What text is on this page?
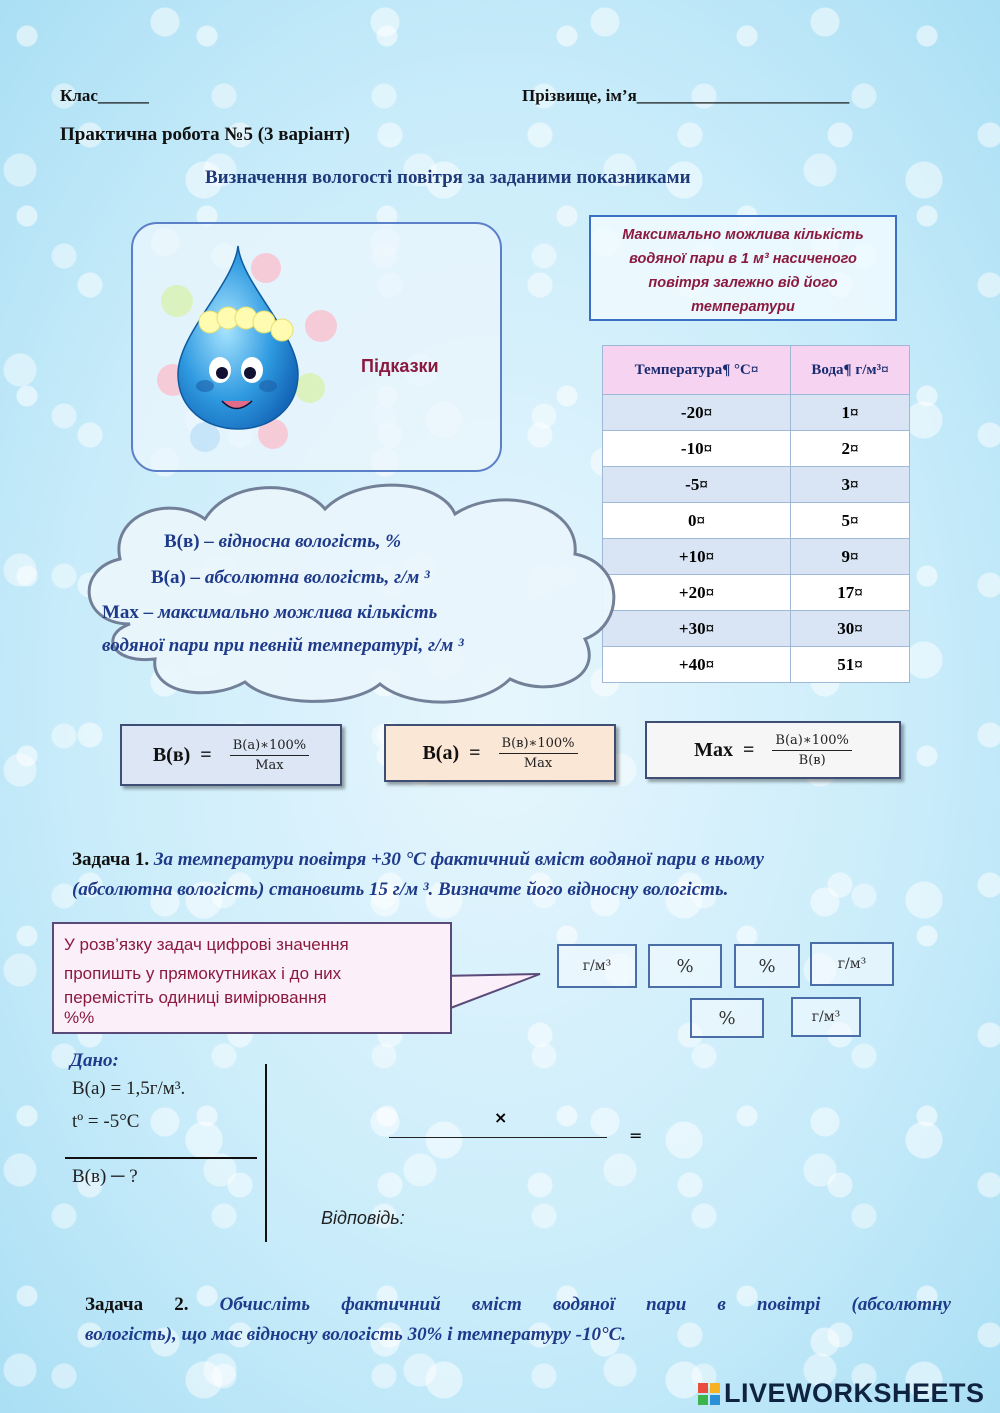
Клас______	Прізвище, ім’я_________________________
Практична робота №5 (3 варіант)
Визначення вологості повітря за заданими показниками
Підказки
Максимально можлива кількість
водяної пари в 1 м³ насиченого
повітря залежно від його
температури
Температура¶ °C¤	Вода¶ г/м³¤
-20¤	1¤
-10¤	2¤
-5¤	3¤
0¤	5¤
+10¤	9¤
+20¤	17¤
+30¤	30¤
+40¤	51¤
В(в) – відносна вологість, %
В(а) – абсолютна вологість, г/м ³
Max – максимально можлива кількість
водяної пари при певній температурі, г/м ³
$В(в) = \frac{В(а)∗100\%}{\text{Max}}$	$В(а) = \frac{В(в)∗100\%}{\text{Max}}$	Max = $\frac{В(а)∗100\%}{В(в)}$
Задача 1. За температури повітря +30 °С фактичний вміст водяної пари в ньому
(абсолютна вологість) становить 15 г/м ³. Визначте його відносну вологість.
У розв’язку задач цифрові значення
пропишть у прямокутниках і до них
перемістіть одиниці вимірювання
%%
г/м³	%	%	г/м³
%	г/м³
Дано:
В(а) = 1,5г/м³.
tº = -5°C
В(в) ─ ?
×
=
Відповідь:
Задача 2. Обчисліть фактичний вміст водяної пари в повітрі (абсолютну
вологість), що має відносну вологість 30% і температуру -10°С.
LIVEWORKSHEETS
